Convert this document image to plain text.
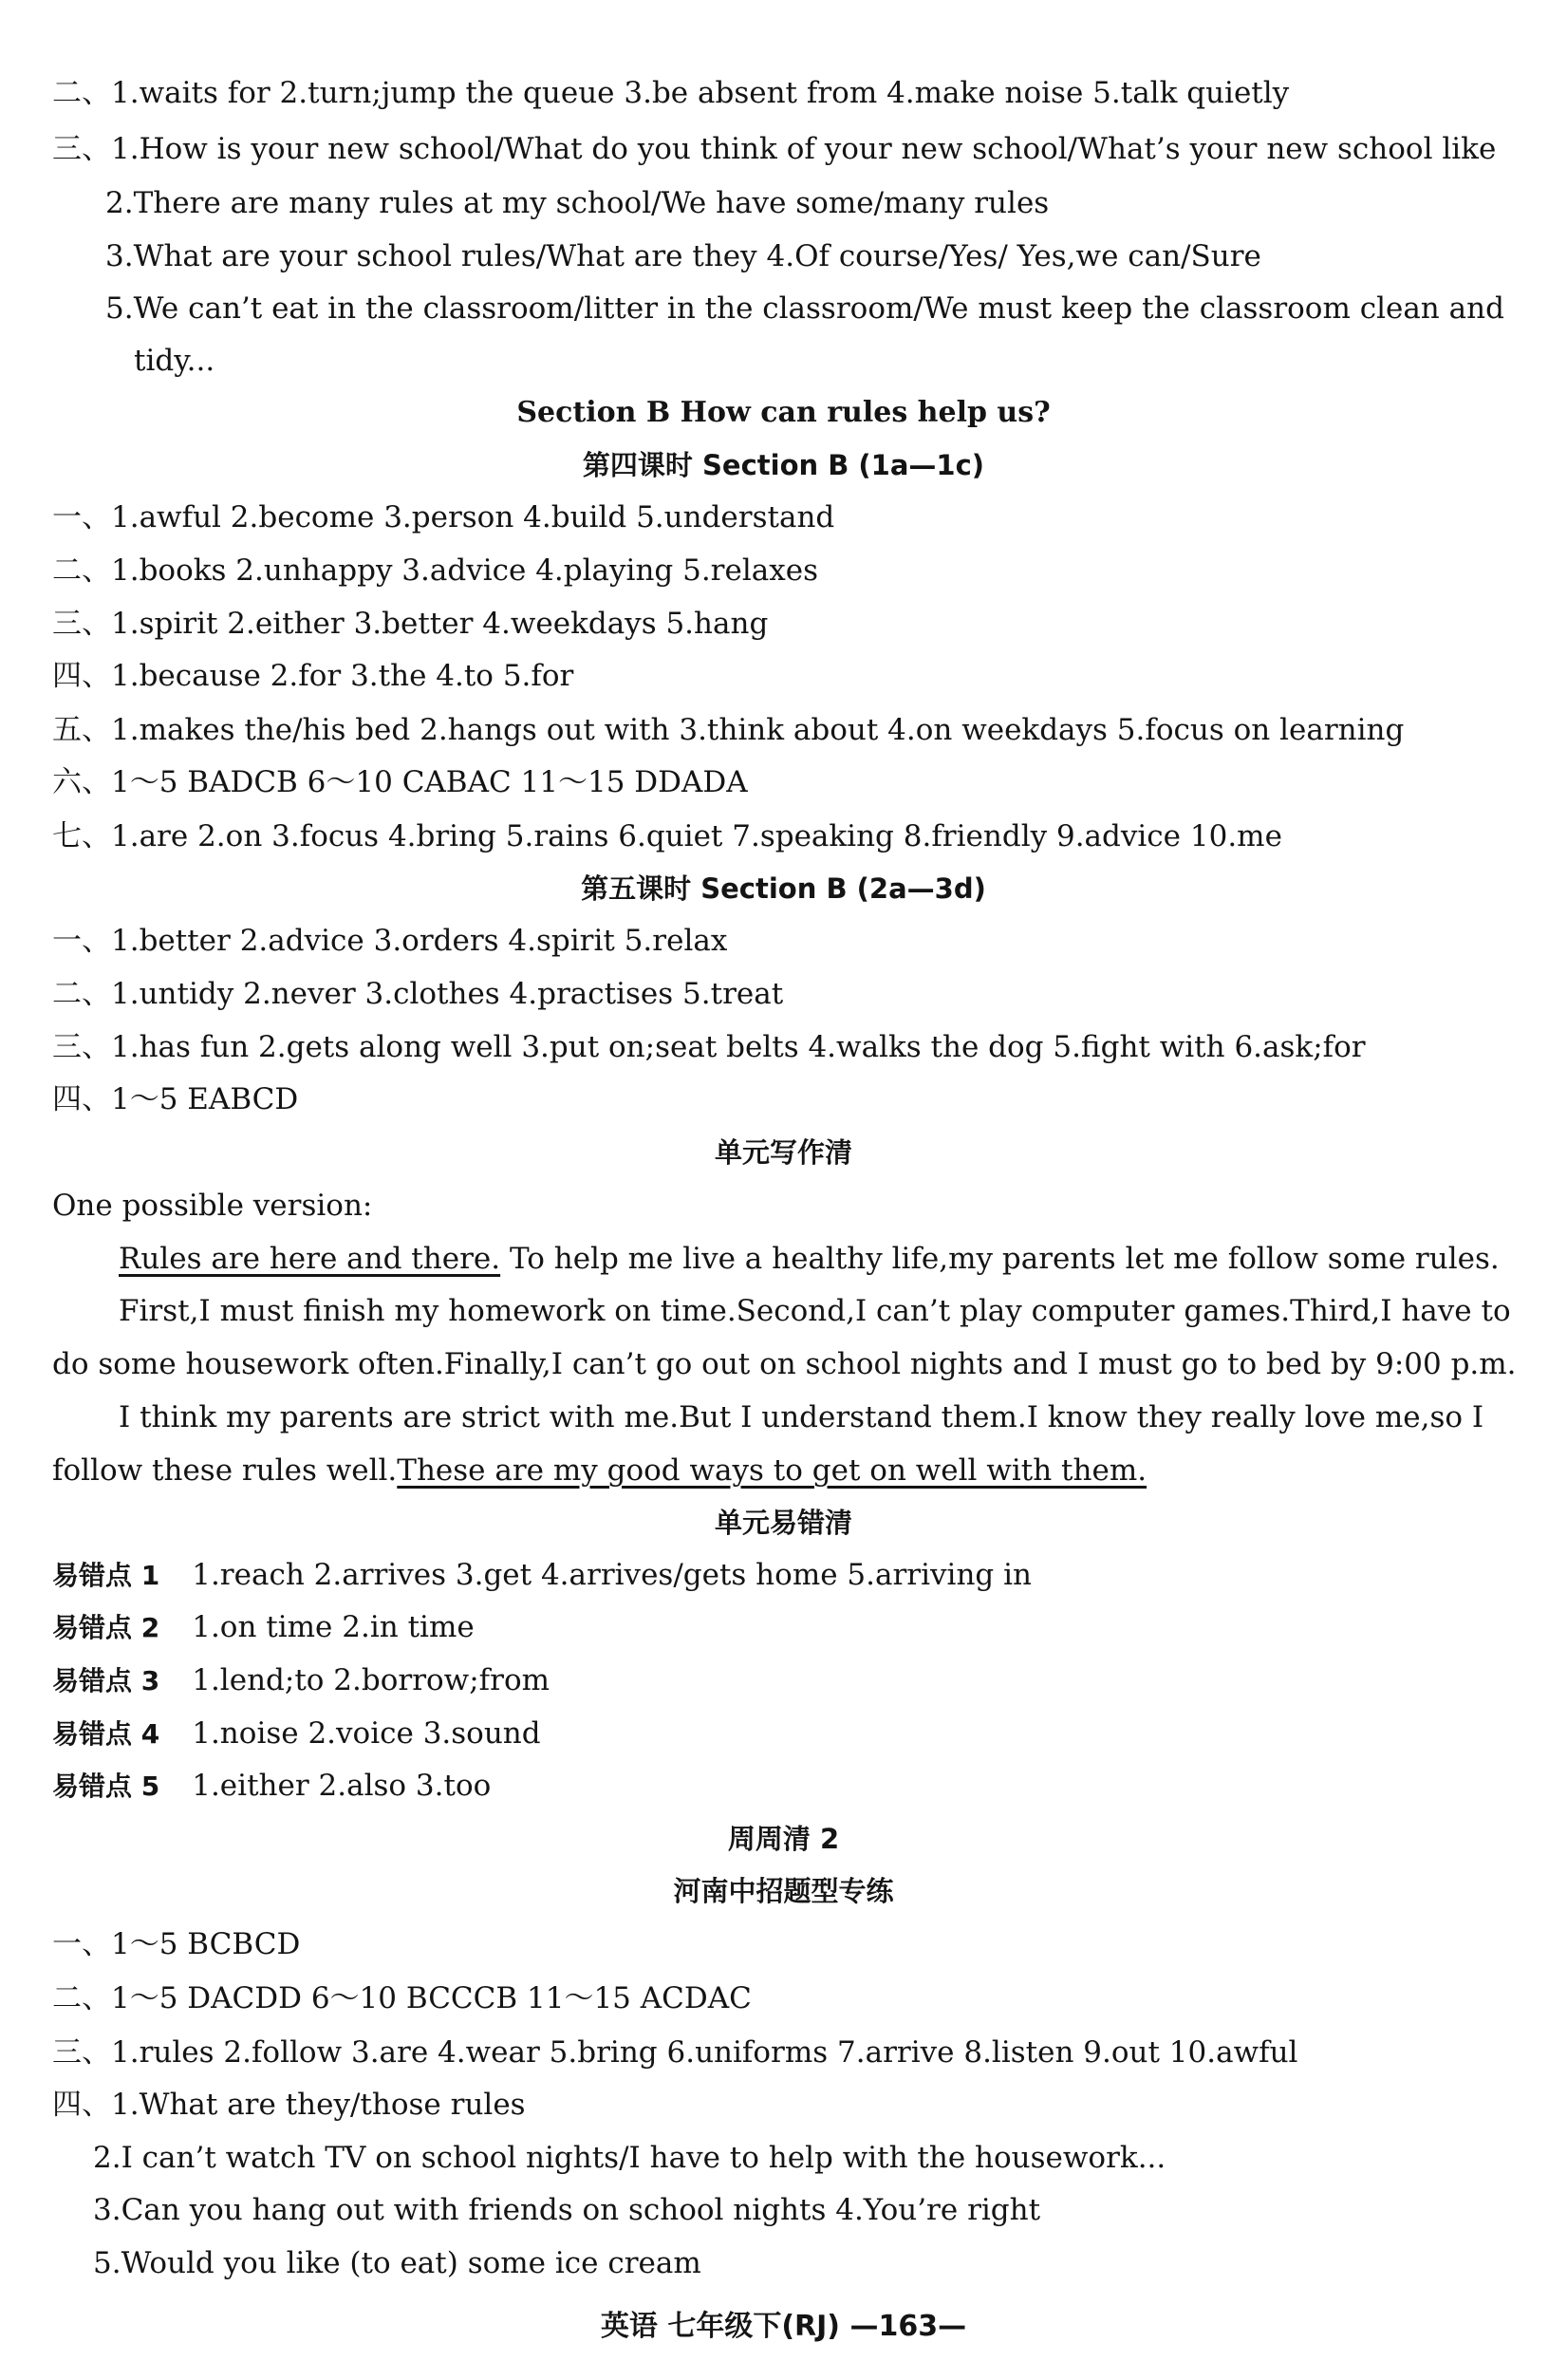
二、1.waits for 2.turn;jump the queue 3.be absent from 4.make noise 5.talk quietly
三、1.How is your new school/What do you think of your new school/What’s your new school like
2.There are many rules at my school/We have some/many rules
3.What are your school rules/What are they 4.Of course/Yes/ Yes,we can/Sure
5.We can’t eat in the classroom/litter in the classroom/We must keep the classroom clean and
tidy...
Section B How can rules help us?
第四课时 Section B (1a—1c)
一、1.awful 2.become 3.person 4.build 5.understand
二、1.books 2.unhappy 3.advice 4.playing 5.relaxes
三、1.spirit 2.either 3.better 4.weekdays 5.hang
四、1.because 2.for 3.the 4.to 5.for
五、1.makes the/his bed 2.hangs out with 3.think about 4.on weekdays 5.focus on learning
六、1～5 BADCB 6～10 CABAC 11～15 DDADA
七、1.are 2.on 3.focus 4.bring 5.rains 6.quiet 7.speaking 8.friendly 9.advice 10.me
第五课时 Section B (2a—3d)
一、1.better 2.advice 3.orders 4.spirit 5.relax
二、1.untidy 2.never 3.clothes 4.practises 5.treat
三、1.has fun 2.gets along well 3.put on;seat belts 4.walks the dog 5.fight with 6.ask;for
四、1～5 EABCD
单元写作清
One possible version:
Rules are here and there. To help me live a healthy life,my parents let me follow some rules.
First,I must finish my homework on time.Second,I can’t play computer games.Third,I have to
do some housework often.Finally,I can’t go out on school nights and I must go to bed by 9:00 p.m.
I think my parents are strict with me.But I understand them.I know they really love me,so I
follow these rules well.These are my good ways to get on well with them.
单元易错清
易错点 1 1.reach 2.arrives 3.get 4.arrives/gets home 5.arriving in
易错点 2 1.on time 2.in time
易错点 3 1.lend;to 2.borrow;from
易错点 4 1.noise 2.voice 3.sound
易错点 5 1.either 2.also 3.too
周周清 2
河南中招题型专练
一、1～5 BCBCD
二、1～5 DACDD 6～10 BCCCB 11～15 ACDAC
三、1.rules 2.follow 3.are 4.wear 5.bring 6.uniforms 7.arrive 8.listen 9.out 10.awful
四、1.What are they/those rules
2.I can’t watch TV on school nights/I have to help with the housework...
3.Can you hang out with friends on school nights 4.You’re right
5.Would you like (to eat) some ice cream
英语 七年级下(RJ) —163—
